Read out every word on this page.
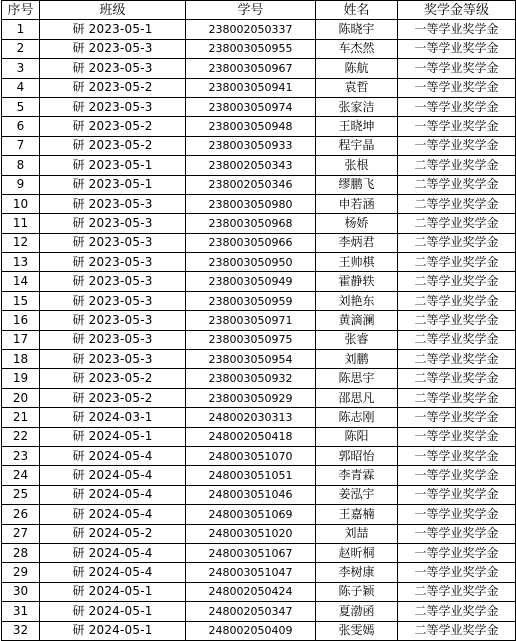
序号	班级	学号	姓名	奖学金等级
1	研 2023-05-1	238002050337	陈晓宇	一等学业奖学金
2	研 2023-05-3	238003050955	车杰然	一等学业奖学金
3	研 2023-05-3	238003050967	陈航	一等学业奖学金
4	研 2023-05-2	238003050941	袁哲	一等学业奖学金
5	研 2023-05-3	238003050974	张家洁	一等学业奖学金
6	研 2023-05-2	238003050948	王晓坤	一等学业奖学金
7	研 2023-05-2	238003050933	程宇晶	一等学业奖学金
8	研 2023-05-1	238002050343	张根	二等学业奖学金
9	研 2023-05-1	238002050346	缪鹏飞	二等学业奖学金
10	研 2023-05-3	238003050980	申若涵	二等学业奖学金
11	研 2023-05-3	238003050968	杨娇	二等学业奖学金
12	研 2023-05-3	238003050966	李炳君	二等学业奖学金
13	研 2023-05-3	238003050950	王帅棋	二等学业奖学金
14	研 2023-05-3	238003050949	霍静轶	二等学业奖学金
15	研 2023-05-3	238003050959	刘艳东	二等学业奖学金
16	研 2023-05-3	238003050971	黄滴澜	二等学业奖学金
17	研 2023-05-3	238003050975	张睿	二等学业奖学金
18	研 2023-05-3	238003050954	刘鹏	二等学业奖学金
19	研 2023-05-2	238003050932	陈思宇	二等学业奖学金
20	研 2023-05-2	238003050929	邵思凡	二等学业奖学金
21	研 2024-03-1	248002030313	陈志刚	一等学业奖学金
22	研 2024-05-1	248002050418	陈阳	一等学业奖学金
23	研 2024-05-4	248003051070	郭昭怡	一等学业奖学金
24	研 2024-05-4	248003051051	李青霖	一等学业奖学金
25	研 2024-05-4	248003051046	姜泓宇	一等学业奖学金
26	研 2024-05-4	248003051069	王嘉楠	一等学业奖学金
27	研 2024-05-2	248003051020	刘喆	一等学业奖学金
28	研 2024-05-4	248003051067	赵昕桐	一等学业奖学金
29	研 2024-05-4	248003051047	李树康	一等学业奖学金
30	研 2024-05-1	248002050424	陈子颖	二等学业奖学金
31	研 2024-05-1	248002050347	夏渤函	二等学业奖学金
32	研 2024-05-1	248002050409	张雯嫣	二等学业奖学金
